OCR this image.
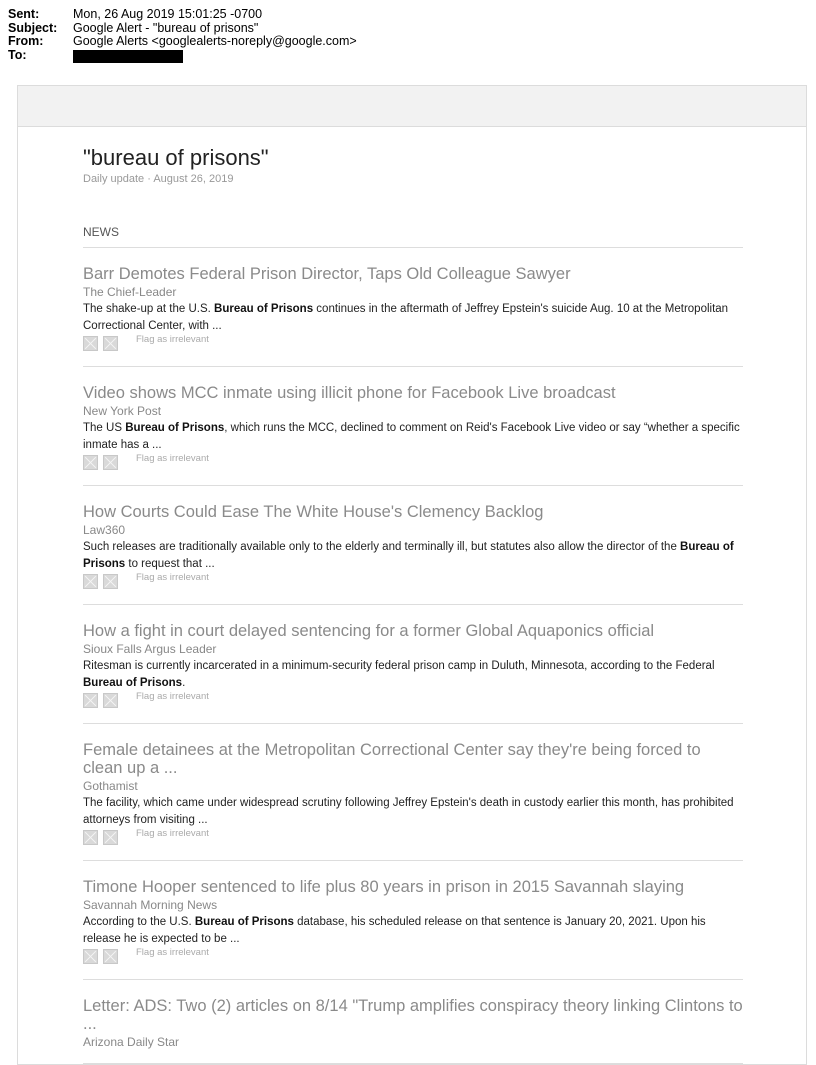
Sent:	Mon, 26 Aug 2019 15:01:25 -0700
Subject:	Google Alert - "bureau of prisons"
From:	Google Alerts <googlealerts-noreply@google.com>
To:
"bureau of prisons"
Daily update · August 26, 2019
NEWS
Barr Demotes Federal Prison Director, Taps Old Colleague Sawyer
The Chief-Leader
The shake-up at the U.S. Bureau of Prisons continues in the aftermath of Jeffrey Epstein's suicide Aug. 10 at the Metropolitan Correctional Center, with ...
Flag as irrelevant
Video shows MCC inmate using illicit phone for Facebook Live broadcast
New York Post
The US Bureau of Prisons, which runs the MCC, declined to comment on Reid's Facebook Live video or say “whether a specific inmate has a ...
Flag as irrelevant
How Courts Could Ease The White House's Clemency Backlog
Law360
Such releases are traditionally available only to the elderly and terminally ill, but statutes also allow the director of the Bureau of Prisons to request that ...
Flag as irrelevant
How a fight in court delayed sentencing for a former Global Aquaponics official
Sioux Falls Argus Leader
Ritesman is currently incarcerated in a minimum-security federal prison camp in Duluth, Minnesota, according to the Federal Bureau of Prisons.
Flag as irrelevant
Female detainees at the Metropolitan Correctional Center say they're being forced to clean up a ...
Gothamist
The facility, which came under widespread scrutiny following Jeffrey Epstein's death in custody earlier this month, has prohibited attorneys from visiting ...
Flag as irrelevant
Timone Hooper sentenced to life plus 80 years in prison in 2015 Savannah slaying
Savannah Morning News
According to the U.S. Bureau of Prisons database, his scheduled release on that sentence is January 20, 2021. Upon his release he is expected to be ...
Flag as irrelevant
Letter: ADS: Two (2) articles on 8/14 "Trump amplifies conspiracy theory linking Clintons to ...
Arizona Daily Star
